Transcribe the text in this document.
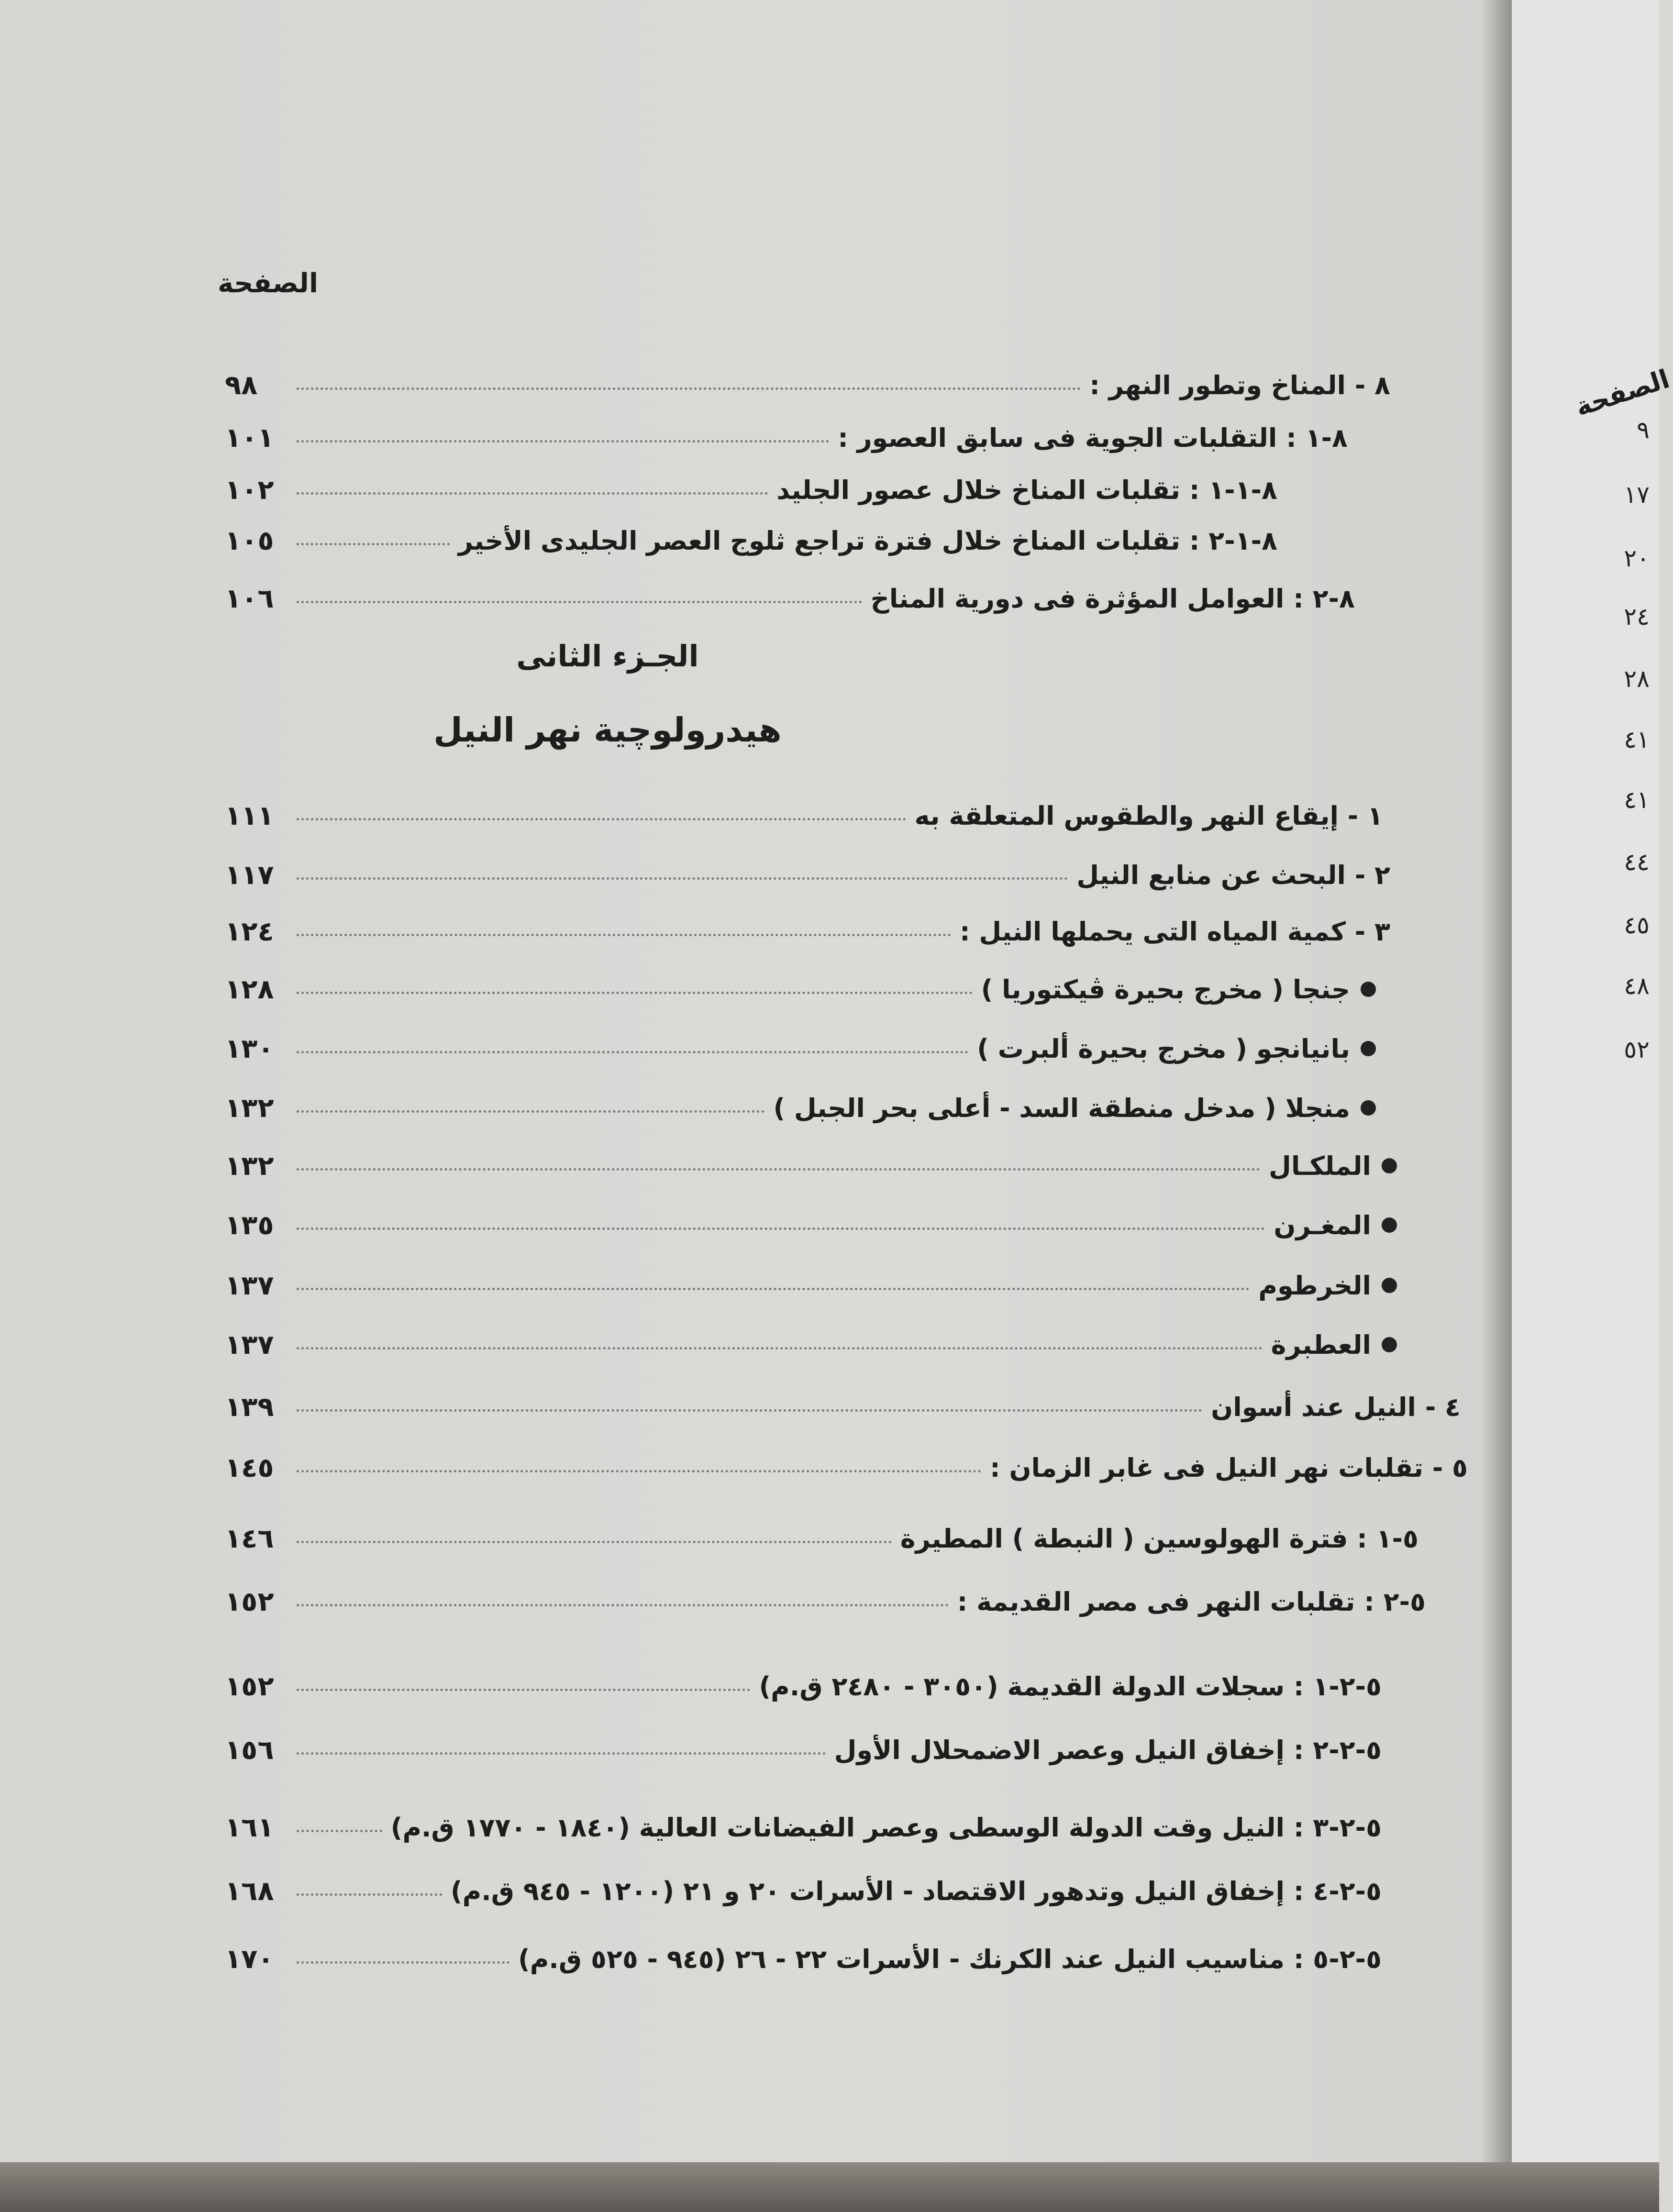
الصفحة
٨ - المناخ وتطور النهر :
٩٨
٨-١ : التقلبات الجوية فى سابق العصور :
١٠١
٨-١-١ : تقلبات المناخ خلال عصور الجليد
١٠٢
٨-١-٢ : تقلبات المناخ خلال فترة تراجع ثلوج العصر الجليدى الأخير
١٠٥
٨-٢ : العوامل المؤثرة فى دورية المناخ
١٠٦
الجـزء الثانى
هيدرولوچية نهر النيل
١ - إيقاع النهر والطقوس المتعلقة به
١١١
٢ - البحث عن منابع النيل
١١٧
٣ - كمية المياه التى يحملها النيل :
١٢٤
جنجا ( مخرج بحيرة ڤيكتوريا )
١٢٨
بانيانجو ( مخرج بحيرة ألبرت )
١٣٠
منجلا ( مدخل منطقة السد - أعلى بحر الجبل )
١٣٢
الملكـال
١٣٢
المغـرن
١٣٥
الخرطوم
١٣٧
العطبرة
١٣٧
٤ - النيل عند أسوان
١٣٩
٥ - تقلبات نهر النيل فى غابر الزمان :
١٤٥
٥-١ : فترة الهولوسين ( النبطة ) المطيرة
١٤٦
٥-٢ : تقلبات النهر فى مصر القديمة :
١٥٢
٥-٢-١ : سجلات الدولة القديمة (٣٠٥٠ - ٢٤٨٠ ق.م)
١٥٢
٥-٢-٢ : إخفاق النيل وعصر الاضمحلال الأول
١٥٦
٥-٢-٣ : النيل وقت الدولة الوسطى وعصر الفيضانات العالية (١٨٤٠ - ١٧٧٠ ق.م)
١٦١
٥-٢-٤ : إخفاق النيل وتدهور الاقتصاد - الأسرات ٢٠ و ٢١ (١٢٠٠ - ٩٤٥ ق.م)
١٦٨
٥-٢-٥ : مناسيب النيل عند الكرنك - الأسرات ٢٢ - ٢٦ (٩٤٥ - ٥٢٥ ق.م)
١٧٠
الصفحة
٩
١٧
٢٠
٢٤
٢٨
٤١
٤١
٤٤
٤٥
٤٨
٥٢
